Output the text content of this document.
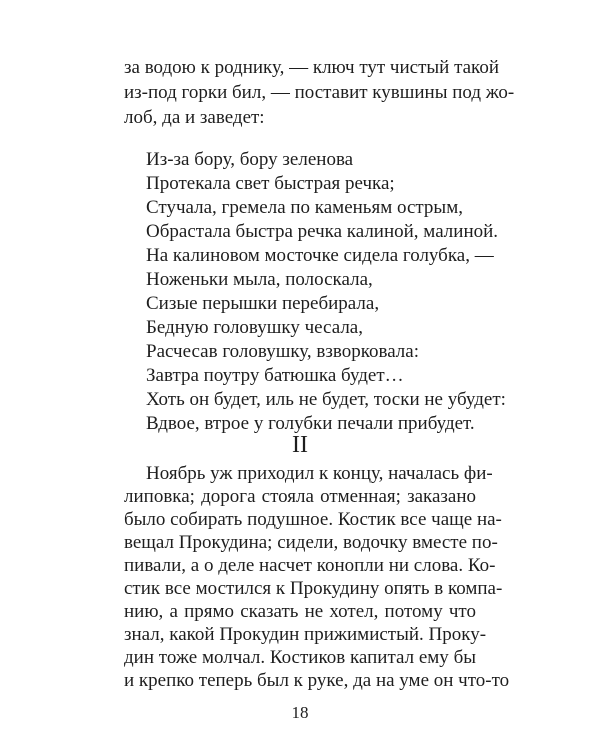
за водою к роднику, — ключ тут чистый такой
из-под горки бил, — поставит кувшины под жо-
лоб, да и заведет:
Из-за бору, бору зеленова
Протекала свет быстрая речка;
Стучала, гремела по каменьям острым,
Обрастала быстра речка калиной, малиной.
На калиновом мосточке сидела голубка, —
Ноженьки мыла, полоскала,
Сизые перышки перебирала,
Бедную головушку чесала,
Расчесав головушку, взворковала:
Завтра поутру батюшка будет…
Хоть он будет, иль не будет, тоски не убудет:
Вдвое, втрое у голубки печали прибудет.
II
Ноябрь уж приходил к концу, началась фи-
липовка; дорога стояла отменная; заказано
было собирать подушное. Костик все чаще на-
вещал Прокудина; сидели, водочку вместе по-
пивали, а о деле насчет конопли ни слова. Ко-
стик все мостился к Прокудину опять в компа-
нию, а прямо сказать не хотел, потому что
знал, какой Прокудин прижимистый. Проку-
дин тоже молчал. Костиков капитал ему бы
и крепко теперь был к руке, да на уме он что-то
18
